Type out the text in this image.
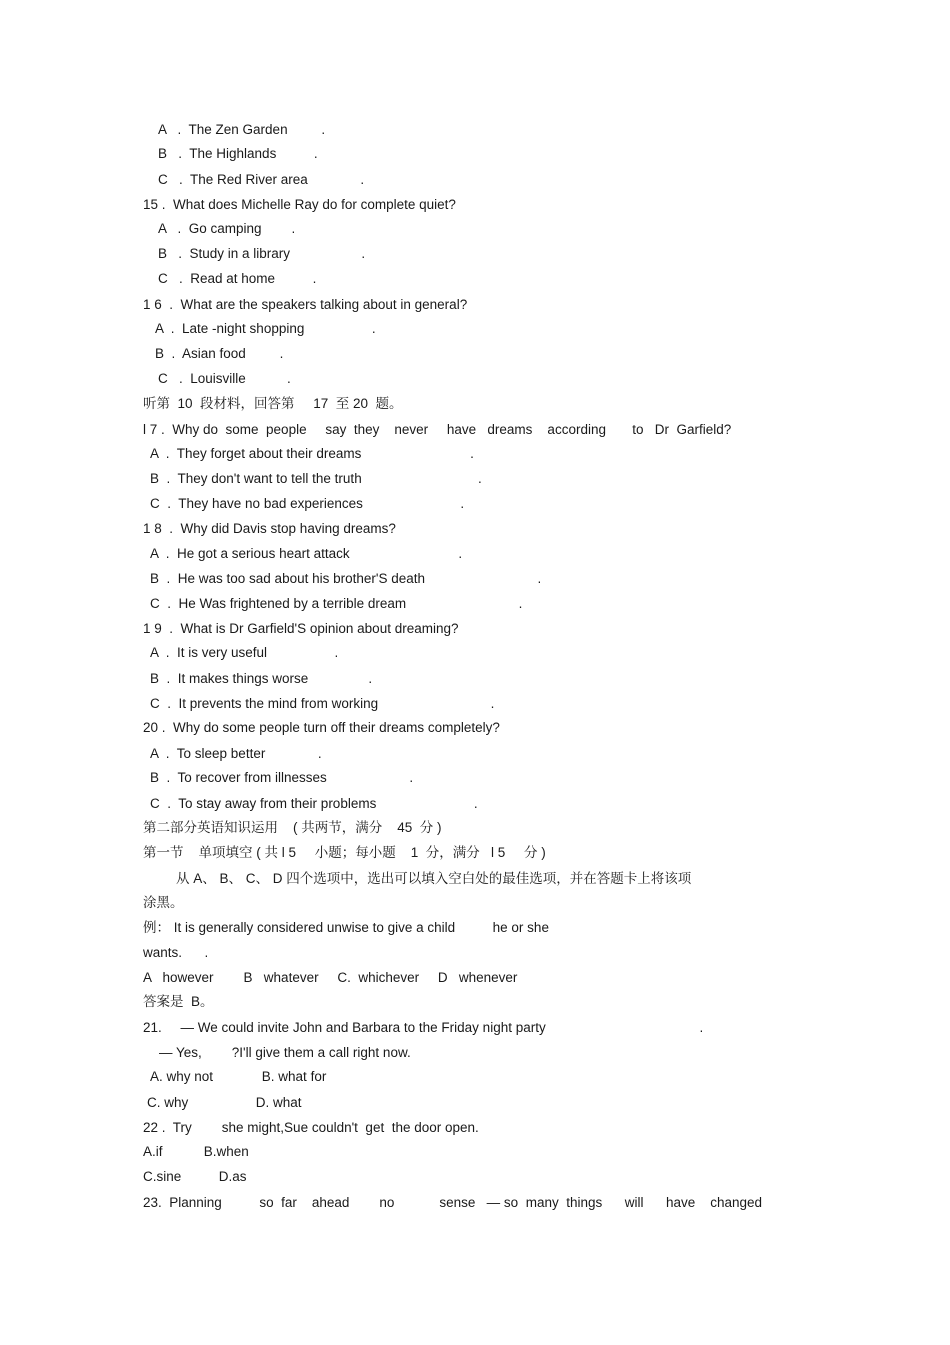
A   .  The Zen Garden         .
B   .  The Highlands          .
C   .  The Red River area              .
15 .  What does Michelle Ray do for complete quiet?
A   .  Go camping        .
B   .  Study in a library                   .
C   .  Read at home          .
1 6  .  What are the speakers talking about in general?
A  .  Late -night shopping                  .
B  .  Asian food         .
C   .  Louisville           .
听第  10  段材料，回答第     17  至 20  题。
l 7 .  Why do  some  people     say  they    never     have   dreams    according       to   Dr  Garfield?
A  .  They forget about their dreams                             .
B  .  They don't want to tell the truth                               .
C  .  They have no bad experiences                          .
1 8  .  Why did Davis stop having dreams?
A  .  He got a serious heart attack                             .
B  .  He was too sad about his brother'S death                              .
C  .  He Was frightened by a terrible dream                              .
1 9  .  What is Dr Garfield'S opinion about dreaming?
A  .  It is very useful                  .
B  .  It makes things worse                .
C  .  It prevents the mind from working                              .
20 .  Why do some people turn off their dreams completely?
A  .  To sleep better              .
B  .  To recover from illnesses                      .
C  .  To stay away from their problems                          .
第二部分英语知识运用    ( 共两节，满分    45  分 )
第一节    单项填空 ( 共 l 5     小题；每小题    1  分，满分   l 5     分 )
从 A、 B、 C、 D 四个选项中，选出可以填入空白处的最佳选项，并在答题卡上将该项
涂黑。
例： It is generally considered unwise to give a child          he or she
wants.      .
A   however        B   whatever     C.  whichever     D   whenever
答案是  B。
21.     — We could invite John and Barbara to the Friday night party                                         .
— Yes,        ?I'll give them a call right now.
A. why not             B. what for
C. why                  D. what
22 .  Try        she might,Sue couldn't  get  the door open.
A.if           B.when
C.sine          D.as
23.  Planning          so  far    ahead        no            sense   — so  many  things      will      have    changed
